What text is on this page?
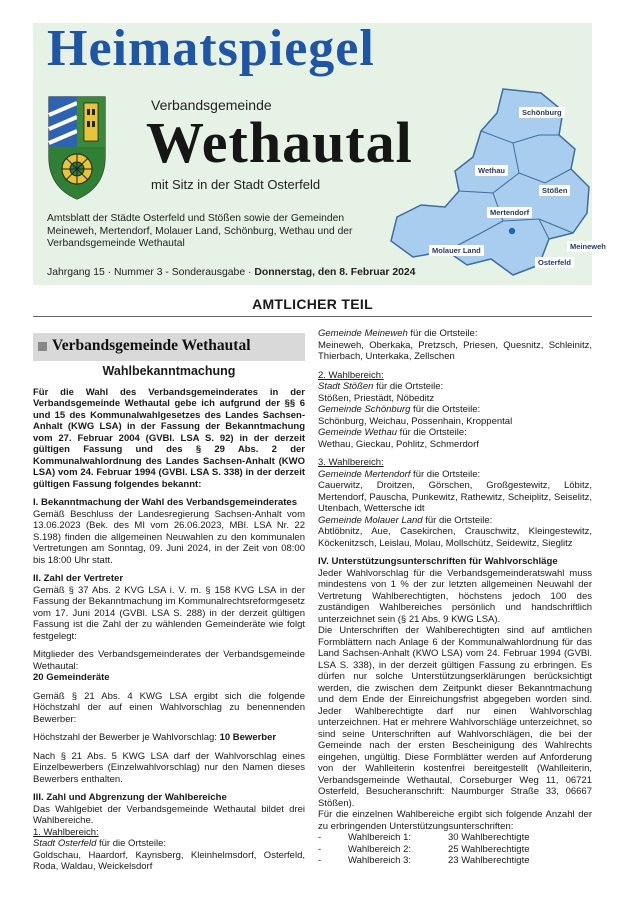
Heimatspiegel
Verbandsgemeinde
Wethautal
mit Sitz in der Stadt Osterfeld
Amtsblatt der Städte Osterfeld und Stößen sowie der Gemeinden Meineweh, Mertendorf, Molauer Land, Schönburg, Wethau und der Verbandsgemeinde Wethautal
Jahrgang 15 · Nummer 3 - Sonderausgabe · Donnerstag, den 8. Februar 2024
Schönburg
Wethau
Stößen
Mertendorf
Molauer Land
Osterfeld
Meineweh
AMTLICHER TEIL
Verbandsgemeinde Wethautal
Wahlbekanntmachung

Für die Wahl des Verbandsgemeinderates in der Verbandsgemeinde Wethautal gebe ich aufgrund der §§ 6 und 15 des Kommunalwahlgesetzes des Landes Sachsen-Anhalt (KWG LSA) in der Fassung der Bekanntmachung vom 27. Februar 2004 (GVBl. LSA S. 92) in der derzeit gültigen Fassung und des § 29 Abs. 2 der Kommunalwahlordnung des Landes Sachsen-Anhalt (KWO LSA) vom 24. Februar 1994 (GVBl. LSA S. 338) in der derzeit gültigen Fassung folgendes bekannt:

I. Bekanntmachung der Wahl des Verbandsgemeinderates

Gemäß Beschluss der Landesregierung Sachsen-Anhalt vom 13.06.2023 (Bek. des MI vom 26.06.2023, MBl. LSA Nr. 22 S.198) finden die allgemeinen Neuwahlen zu den kommunalen Vertretungen am Sonntag, 09. Juni 2024, in der Zeit von 08:00 bis 18:00 Uhr statt.

II. Zahl der Vertreter

Gemäß § 37 Abs. 2 KVG LSA i. V. m. § 158 KVG LSA in der Fassung der Bekanntmachung im Kommunalrechtsreformgesetz vom 17. Juni 2014 (GVBl. LSA S. 288) in der derzeit gültigen Fassung ist die Zahl der zu wählenden Gemeinderäte wie folgt festgelegt:

Mitglieder des Verbandsgemeinderates der Verbandsgemeinde Wethautal:

20 Gemeinderäte

Gemäß § 21 Abs. 4 KWG LSA ergibt sich die folgende Höchstzahl der auf einen Wahlvorschlag zu benennenden Bewerber:

Höchstzahl der Bewerber je Wahlvorschlag: 10 Bewerber

Nach § 21 Abs. 5 KWG LSA darf der Wahlvorschlag eines Einzelbewerbers (Einzelwahlvorschlag) nur den Namen dieses Bewerbers enthalten.

III. Zahl und Abgrenzung der Wahlbereiche

Das Wahlgebiet der Verbandsgemeinde Wethautal bildet drei Wahlbereiche.

1. Wahlbereich:

Stadt Osterfeld für die Ortsteile:

Goldschau, Haardorf, Kaynsberg, Kleinhelmsdorf, Osterfeld, Roda, Waldau, Weickelsdorf

Gemeinde Meineweh für die Ortsteile:

Meineweh, Oberkaka, Pretzsch, Priesen, Quesnitz, Schleinitz, Thierbach, Unterkaka, Zellschen

2. Wahlbereich:

Stadt Stößen für die Ortsteile:

Stößen, Priestädt, Nöbeditz

Gemeinde Schönburg für die Ortsteile:

Schönburg, Weichau, Possenhain, Kroppental

Gemeinde Wethau für die Ortsteile:

Wethau, Gieckau, Pohlitz, Schmerdorf

3. Wahlbereich:

Gemeinde Mertendorf für die Ortsteile:

Cauerwitz, Droitzen, Görschen, Großgestewitz, Löbitz, Mertendorf, Pauscha, Punkewitz, Rathewitz, Scheiplitz, Seiselitz, Utenbach, Wettersche idt

Gemeinde Molauer Land für die Ortsteile:

Abtlöbnitz, Aue, Casekirchen, Crauschwitz, Kleingestewitz, Köckenitzsch, Leislau, Molau, Mollschütz, Seidewitz, Sieglitz

IV. Unterstützungsunterschriften für Wahlvorschläge

Jeder Wahlvorschlag für die Verbandsgemeinderatswahl muss mindestens von 1 % der zur letzten allgemeinen Neuwahl der Vertretung Wahlberechtigten, höchstens jedoch 100 des zuständigen Wahlbereiches persönlich und handschriftlich unterzeichnet sein (§ 21 Abs. 9 KWG LSA).

Die Unterschriften der Wahlberechtigten sind auf amtlichen Formblättern nach Anlage 6 der Kommunalwahlordnung für das Land Sachsen-Anhalt (KWO LSA) vom 24. Februar 1994 (GVBl. LSA S. 338), in der derzeit gültigen Fassung zu erbringen. Es dürfen nur solche Unterstützungserklärungen berücksichtigt werden, die zwischen dem Zeitpunkt dieser Bekanntmachung und dem Ende der Einreichungsfrist abgegeben worden sind. Jeder Wahlberechtigte darf nur einen Wahlvorschlag unterzeichnen. Hat er mehrere Wahlvorschläge unterzeichnet, so sind seine Unterschriften auf Wahlvorschlägen, die bei der Gemeinde nach der ersten Bescheinigung des Wahlrechts eingehen, ungültig. Diese Formblätter werden auf Anforderung von der Wahlleiterin kostenfrei bereitgestellt (Wahlleiterin, Verbandsgemeinde Wethautal, Corseburger Weg 11, 06721 Osterfeld, Besucheranschrift: Naumburger Straße 33, 06667 Stößen).

Für die einzelnen Wahlbereiche ergibt sich folgende Anzahl der zu erbringenden Unterstützungsunterschriften:

-	Wahlbereich 1:	30 Wahlberechtigte
-	Wahlbereich 2:	25 Wahlberechtigte
-	Wahlbereich 3:	23 Wahlberechtigte
